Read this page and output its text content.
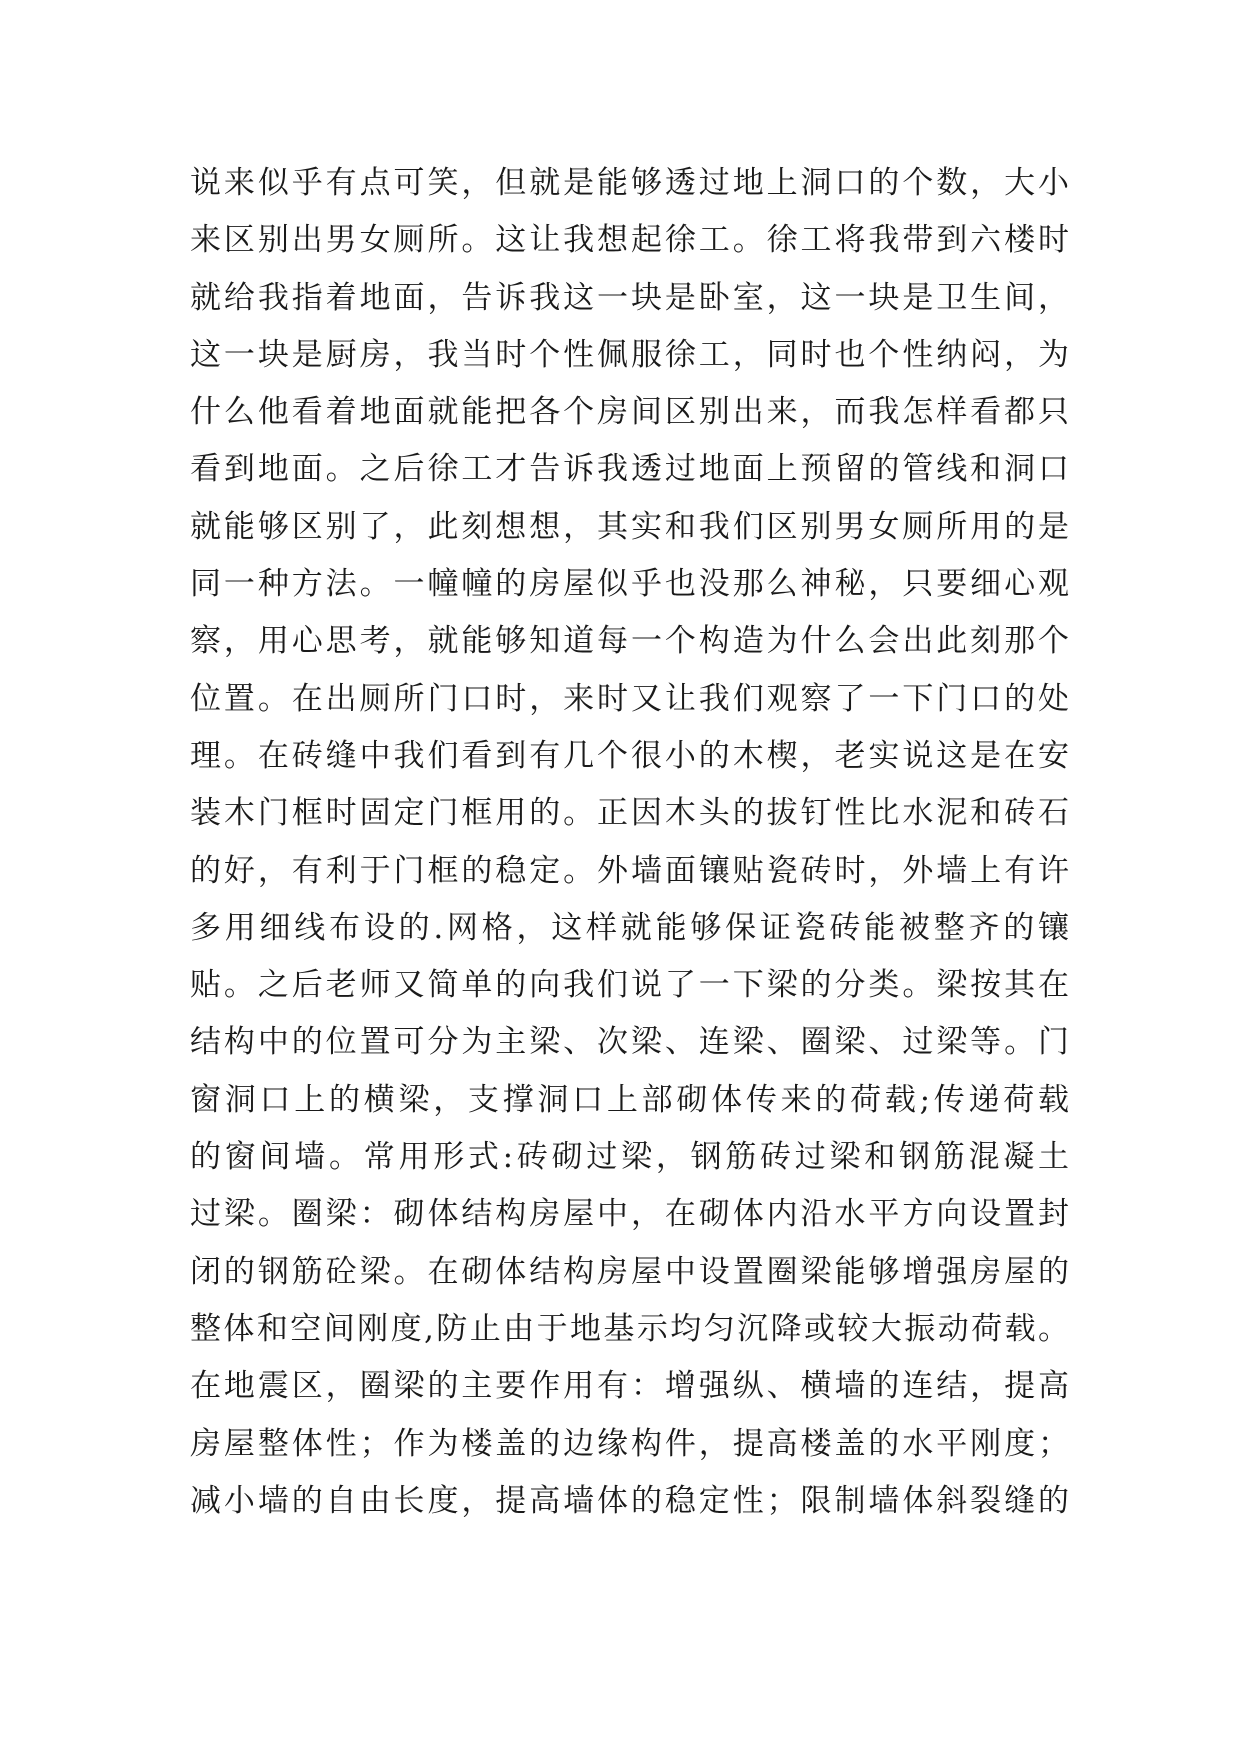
说来似乎有点可笑，但就是能够透过地上洞口的个数，大小
来区别出男女厕所。这让我想起徐工。徐工将我带到六楼时
就给我指着地面，告诉我这一块是卧室，这一块是卫生间，
这一块是厨房，我当时个性佩服徐工，同时也个性纳闷，为
什么他看着地面就能把各个房间区别出来，而我怎样看都只
看到地面。之后徐工才告诉我透过地面上预留的管线和洞口
就能够区别了，此刻想想，其实和我们区别男女厕所用的是
同一种方法。一幢幢的房屋似乎也没那么神秘，只要细心观
察，用心思考，就能够知道每一个构造为什么会出此刻那个
位置。在出厕所门口时，来时又让我们观察了一下门口的处
理。在砖缝中我们看到有几个很小的木楔，老实说这是在安
装木门框时固定门框用的。正因木头的拔钉性比水泥和砖石
的好，有利于门框的稳定。外墙面镶贴瓷砖时，外墙上有许
多用细线布设的.网格，这样就能够保证瓷砖能被整齐的镶
贴。之后老师又简单的向我们说了一下梁的分类。梁按其在
结构中的位置可分为主梁、次梁、连梁、圈梁、过梁等。门
窗洞口上的横梁，支撑洞口上部砌体传来的荷载;传递荷载
的窗间墙。常用形式:砖砌过梁，钢筋砖过梁和钢筋混凝土
过梁。圈梁：砌体结构房屋中，在砌体内沿水平方向设置封
闭的钢筋砼梁。在砌体结构房屋中设置圈梁能够增强房屋的
整体和空间刚度,防止由于地基示均匀沉降或较大振动荷载。
在地震区，圈梁的主要作用有：增强纵、横墙的连结，提高
房屋整体性；作为楼盖的边缘构件，提高楼盖的水平刚度；
减小墙的自由长度，提高墙体的稳定性；限制墙体斜裂缝的
